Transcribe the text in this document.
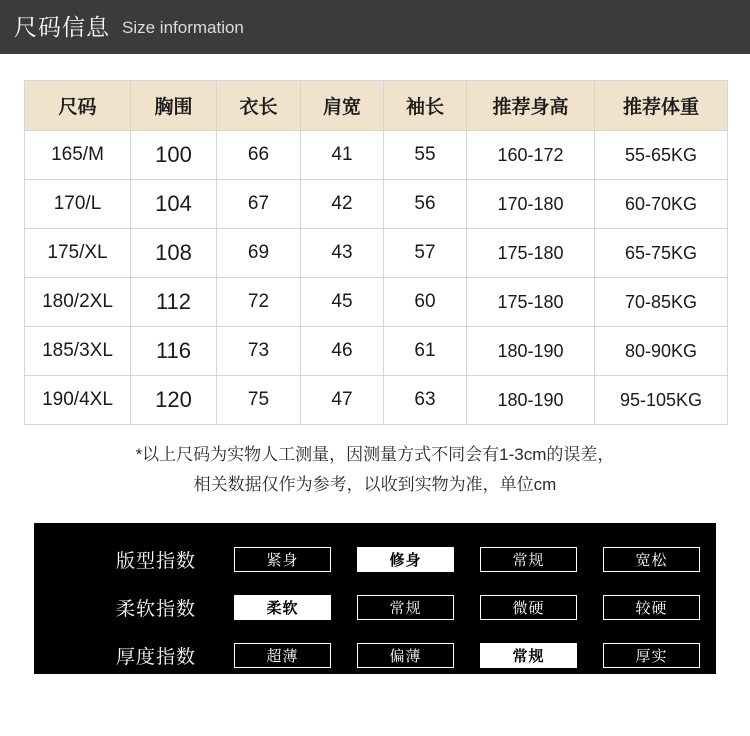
尺码信息 Size information
尺码	胸围	衣长	肩宽	袖长	推荐身高	推荐体重
165/M	100	66	41	55	160-172	55-65KG
170/L	104	67	42	56	170-180	60-70KG
175/XL	108	69	43	57	175-180	65-75KG
180/2XL	112	72	45	60	175-180	70-85KG
185/3XL	116	73	46	61	180-190	80-90KG
190/4XL	120	75	47	63	180-190	95-105KG
*以上尺码为实物人工测量，因测量方式不同会有1-3cm的误差，
相关数据仅作为参考，以收到实物为准，单位cm
版型指数	紧身	修身	常规	宽松
柔软指数	柔软	常规	微硬	较硬
厚度指数	超薄	偏薄	常规	厚实
